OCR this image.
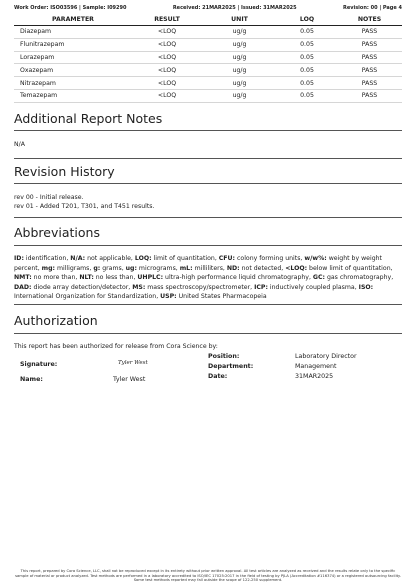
Work Order: ISO03596 | Sample: I09290	Received: 21MAR2025 | Issued: 31MAR2025	Revision: 00 | Page 4
PARAMETER	RESULT	UNIT	LOQ	NOTES
Diazepam	<LOQ	ug/g	0.05	PASS
Flunitrazepam	<LOQ	ug/g	0.05	PASS
Lorazepam	<LOQ	ug/g	0.05	PASS
Oxazepam	<LOQ	ug/g	0.05	PASS
Nitrazepam	<LOQ	ug/g	0.05	PASS
Temazepam	<LOQ	ug/g	0.05	PASS
Additional Report Notes
N/A
Revision History
rev 00 - Initial release.
rev 01 - Added T201, T301, and T451 results.
Abbreviations
ID: identification, N/A: not applicable, LOQ: limit of quantitation, CFU: colony forming units, w/w%: weight by weight percent, mg: milligrams, g: grams, ug: micrograms, mL: milliliters, ND: not detected, <LOQ: below limit of quantitation, NMT: no more than, NLT: no less than, UHPLC: ultra-high performance liquid chromatography, GC: gas chromatography, DAD: diode array detection/detector, MS: mass spectroscopy/spectrometer, ICP: inductively coupled plasma, ISO: International Organization for Standardization, USP: United States Pharmacopeia
Authorization
This report has been authorized for release from Cora Science by:
Signature:	Tyler West
Name:	Tyler West
Position:	Laboratory Director
Department:	Management
Date:	31MAR2025
This report, prepared by Cora Science, LLC, shall not be reproduced except in its entirety without prior written approval. All test articles are analyzed as received and the results relate only to the specific sample of material or product analyzed. Test methods are performed in a laboratory accredited to ISO/IEC 17025:2017 in the field of testing by PJLA (Accreditation #116374) or a registered outsourcing facility. Some test methods reported may fall outside the scope of 122-250 supplement.
